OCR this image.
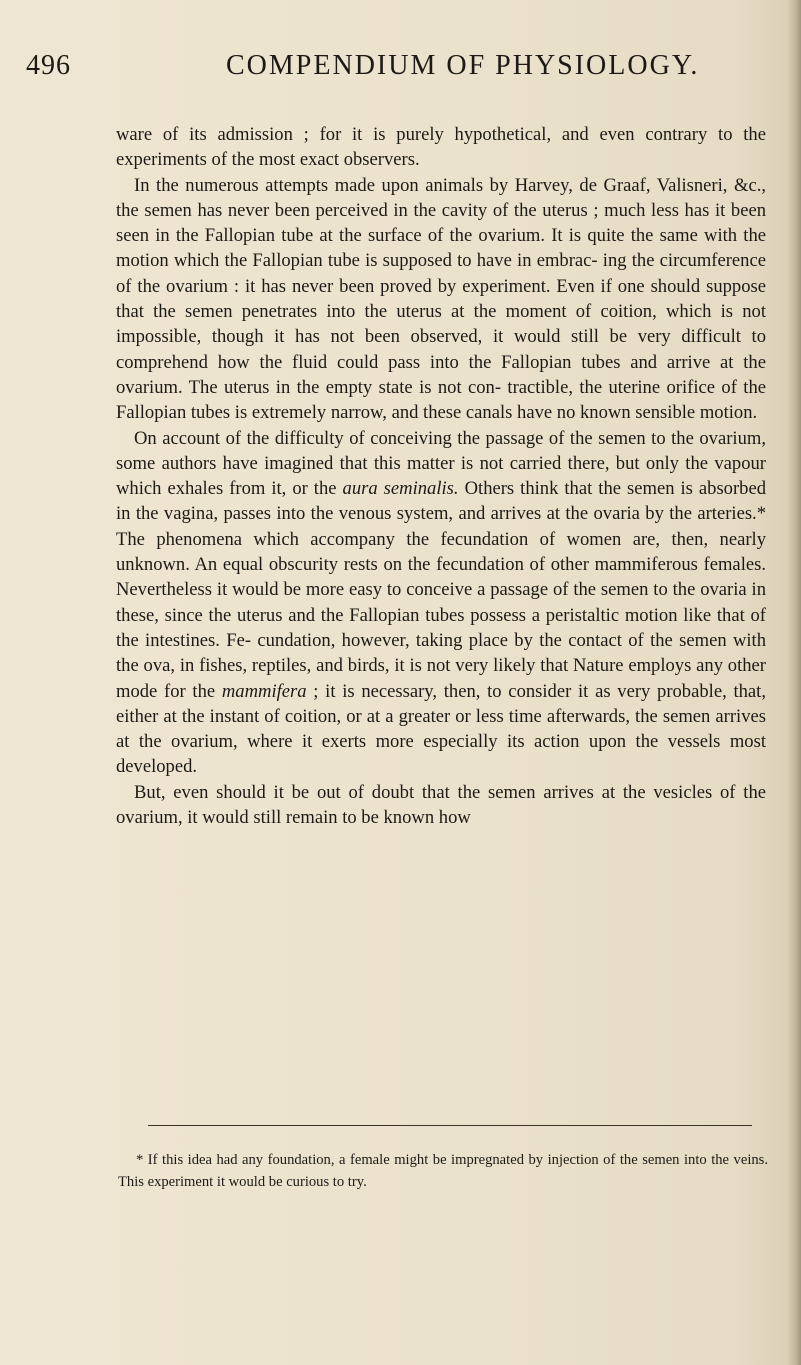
496	COMPENDIUM OF PHYSIOLOGY.

ware of its admission ; for it is purely hypothetical, and even contrary to the experiments of the most exact observers.

In the numerous attempts made upon animals by Harvey, de Graaf, Valisneri, &c., the semen has never been perceived in the cavity of the uterus ; much less has it been seen in the Fallopian tube at the surface of the ovarium. It is quite the same with the motion which the Fallopian tube is supposed to have in embrac- ing the circumference of the ovarium : it has never been proved by experiment. Even if one should suppose that the semen penetrates into the uterus at the moment of coition, which is not impossible, though it has not been observed, it would still be very difficult to comprehend how the fluid could pass into the Fallopian tubes and arrive at the ovarium. The uterus in the empty state is not con- tractible, the uterine orifice of the Fallopian tubes is extremely narrow, and these canals have no known sensible motion.

On account of the difficulty of conceiving the passage of the semen to the ovarium, some authors have imagined that this matter is not carried there, but only the vapour which exhales from it, or the aura seminalis. Others think that the semen is absorbed in the vagina, passes into the venous system, and arrives at the ovaria by the arteries.* The phenomena which accompany the fecundation of women are, then, nearly unknown. An equal obscurity rests on the fecundation of other mammiferous females. Nevertheless it would be more easy to conceive a passage of the semen to the ovaria in these, since the uterus and the Fallopian tubes possess a peristaltic motion like that of the intestines. Fe- cundation, however, taking place by the contact of the semen with the ova, in fishes, reptiles, and birds, it is not very likely that Nature employs any other mode for the mammifera ; it is necessary, then, to consider it as very probable, that, either at the instant of coition, or at a greater or less time afterwards, the semen arrives at the ovarium, where it exerts more especially its action upon the vessels most developed.

But, even should it be out of doubt that the semen arrives at the vesicles of the ovarium, it would still remain to be known how

* If this idea had any foundation, a female might be impregnated by injection of the semen into the veins. This experiment it would be curious to try.
